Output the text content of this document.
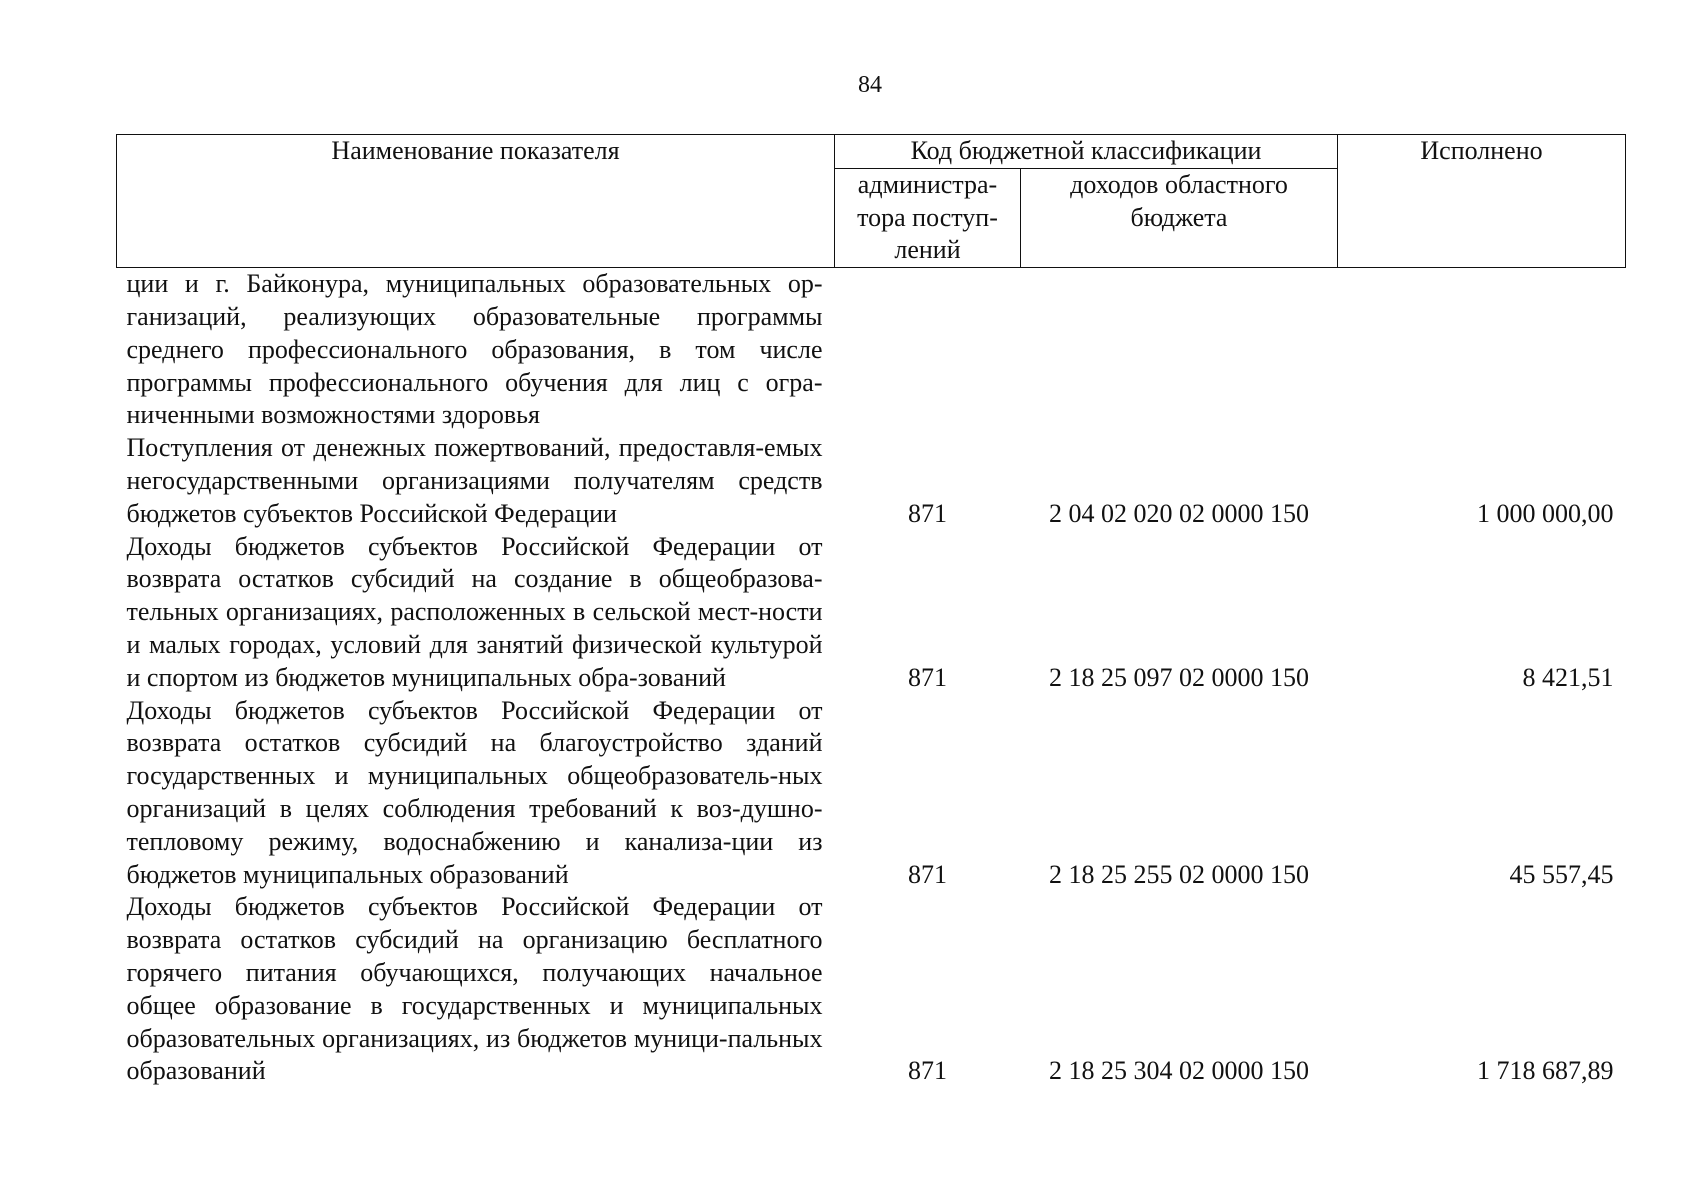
84
Наименование показателя	Код бюджетной классификации		Исполнено
	администра-тора поступ-лений	доходов областного бюджета	
ции и г. Байконура, муниципальных образовательных ор-ганизаций, реализующих образовательные программы среднего профессионального образования, в том числе программы профессионального обучения для лиц с огра-ниченными возможностями здоровья			
Поступления от денежных пожертвований, предоставля-емых негосударственными организациями получателям средств бюджетов субъектов Российской Федерации	871	2 04 02 020 02 0000 150	1 000 000,00
Доходы бюджетов субъектов Российской Федерации от возврата остатков субсидий на создание в общеобразова-тельных организациях, расположенных в сельской мест-ности и малых городах, условий для занятий физической культурой и спортом из бюджетов муниципальных обра-зований	871	2 18 25 097 02 0000 150	8 421,51
Доходы бюджетов субъектов Российской Федерации от возврата остатков субсидий на благоустройство зданий государственных и муниципальных общеобразователь-ных организаций в целях соблюдения требований к воз-душно-тепловому режиму, водоснабжению и канализа-ции из бюджетов муниципальных образований	871	2 18 25 255 02 0000 150	45 557,45
Доходы бюджетов субъектов Российской Федерации от возврата остатков субсидий на организацию бесплатного горячего питания обучающихся, получающих начальное общее образование в государственных и муниципальных образовательных организациях, из бюджетов муници-пальных образований	871	2 18 25 304 02 0000 150	1 718 687,89
